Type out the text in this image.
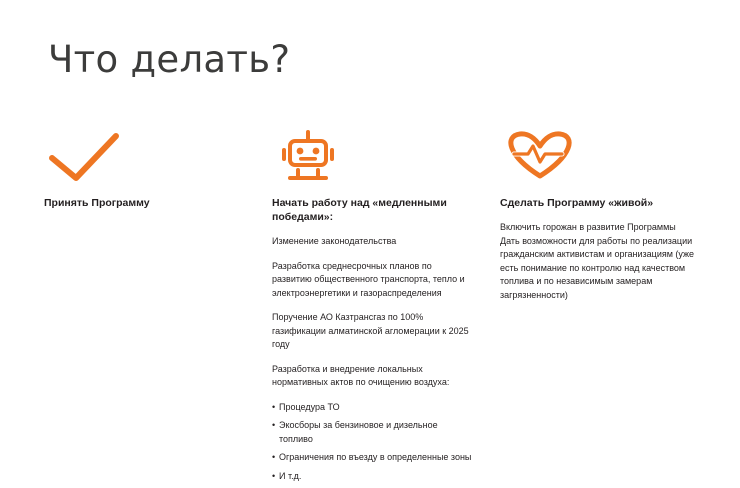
Что делать?

Принять Программу	Начать работу над «медленными победами»:

Изменение законодательства

Разработка среднесрочных планов по развитию общественного транспорта, тепло и электроэнергетики и газораспределения

Поручение АО Казтрансгаз по 100% газификации алматинской агломерации к 2025 году

Разработка и внедрение локальных нормативных актов по очищению воздуха:

• Процедура ТО
• Экосборы за бензиновое и дизельное топливо
• Ограничения по въезду в определенные зоны
• И т.д.

Сделать Программу «живой»

Включить горожан в развитие Программы

Дать возможности для работы по реализации гражданским активистам и организациям (уже есть понимание по контролю над качеством топлива и по независимым замерам загрязненности)
